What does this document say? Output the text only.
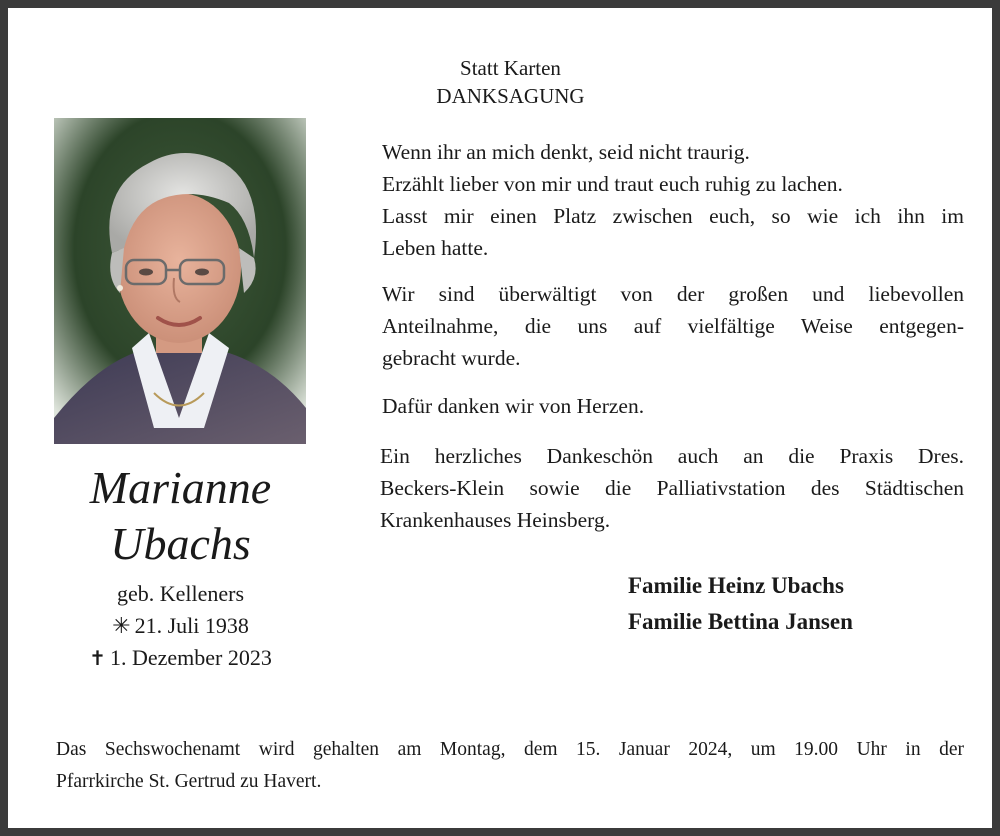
Statt Karten
DANKSAGUNG
Marianne
Ubachs
geb. Kelleners
✳ 21. Juli 1938
✝ 1. Dezember 2023
Wenn ihr an mich denkt, seid nicht traurig.
Erzählt lieber von mir und traut euch ruhig zu lachen.
Lasst mir einen Platz zwischen euch, so wie ich ihn im
Leben hatte.
Wir sind überwältigt von der großen und liebevollen
Anteilnahme, die uns auf vielfältige Weise entgegen-
gebracht wurde.
Dafür danken wir von Herzen.
Ein herzliches Dankeschön auch an die Praxis Dres.
Beckers-Klein sowie die Palliativstation des Städtischen
Krankenhauses Heinsberg.
Familie Heinz Ubachs
Familie Bettina Jansen
Das Sechswochenamt wird gehalten am Montag, dem 15. Januar 2024, um 19.00 Uhr in der
Pfarrkirche St. Gertrud zu Havert.
